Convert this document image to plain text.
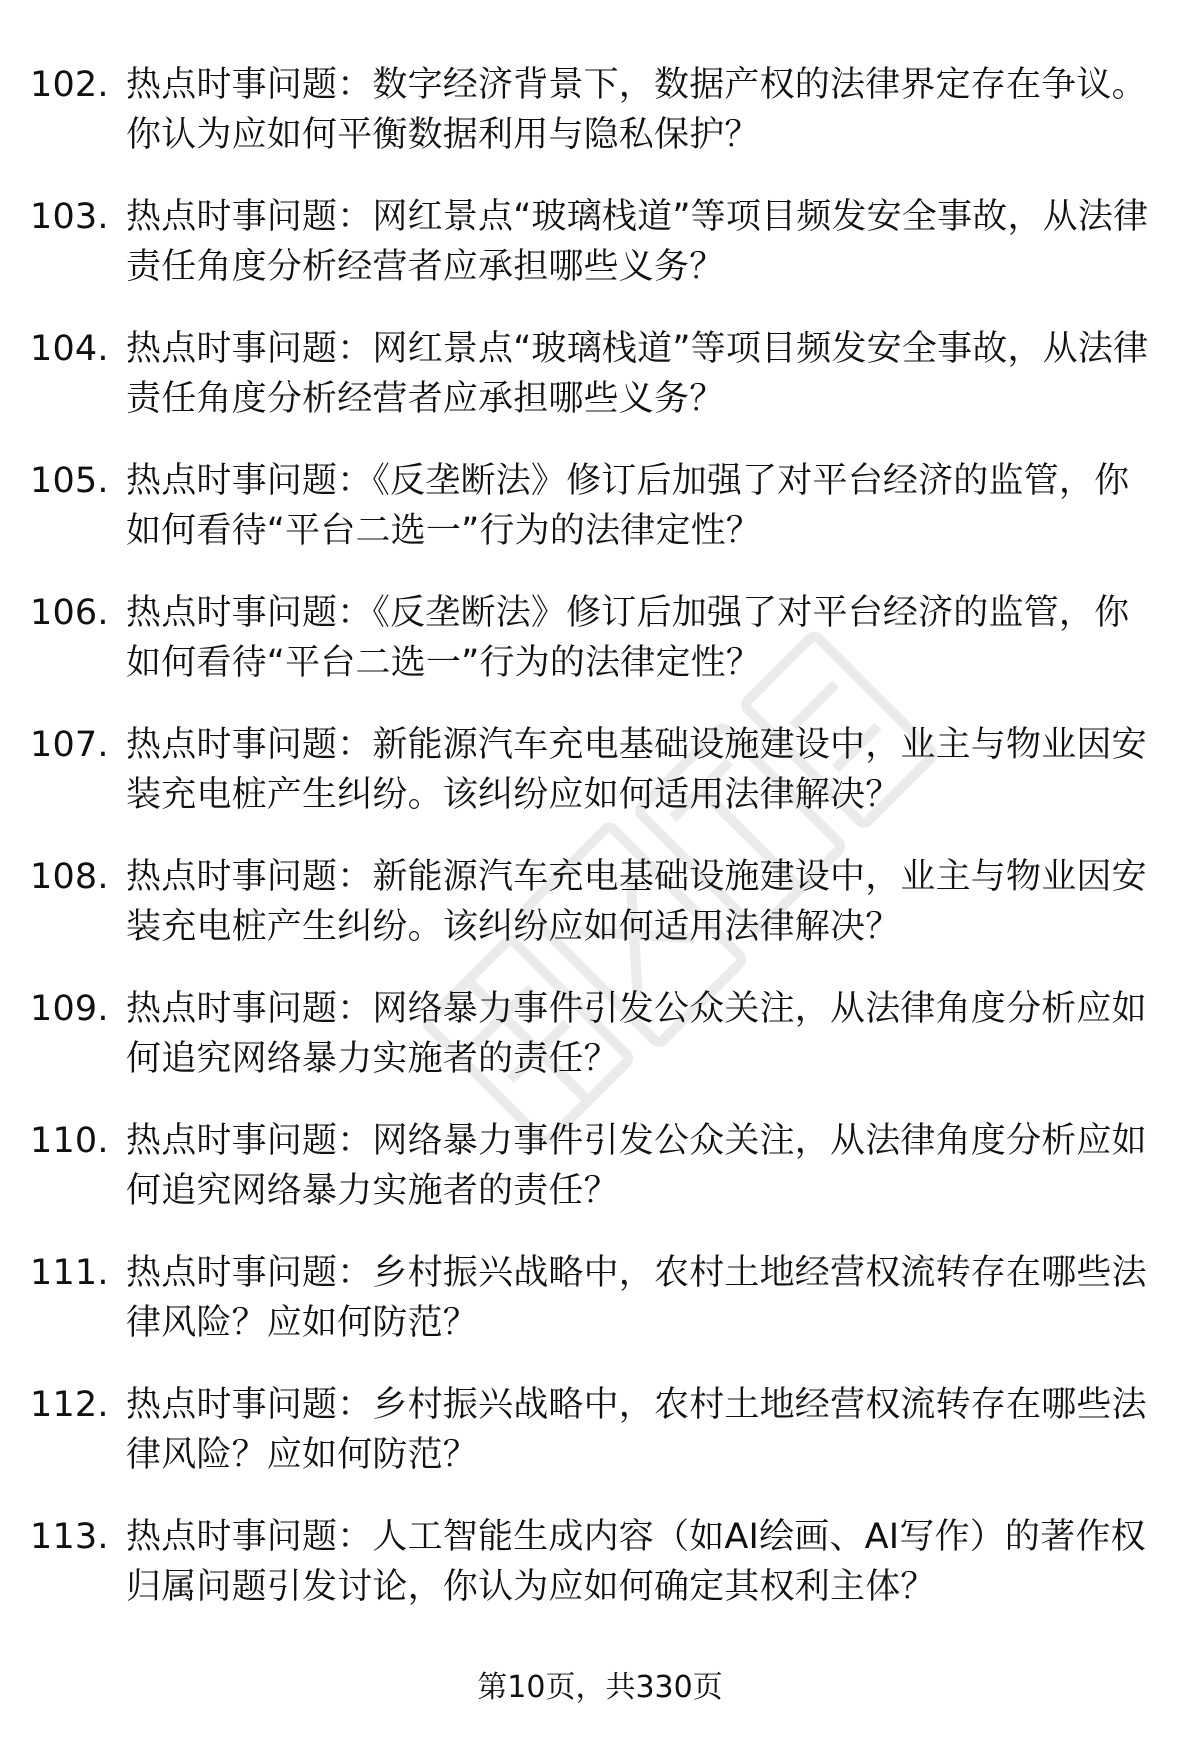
102. 热点时事问题：数字经济背景下，数据产权的法律界定存在争议。你认为应如何平衡数据利用与隐私保护？
103. 热点时事问题：网红景点“玻璃栈道”等项目频发安全事故，从法律责任角度分析经营者应承担哪些义务？
104. 热点时事问题：网红景点“玻璃栈道”等项目频发安全事故，从法律责任角度分析经营者应承担哪些义务？
105. 热点时事问题：《反垄断法》修订后加强了对平台经济的监管，你如何看待“平台二选一”行为的法律定性？
106. 热点时事问题：《反垄断法》修订后加强了对平台经济的监管，你如何看待“平台二选一”行为的法律定性？
107. 热点时事问题：新能源汽车充电基础设施建设中，业主与物业因安装充电桩产生纠纷。该纠纷应如何适用法律解决？
108. 热点时事问题：新能源汽车充电基础设施建设中，业主与物业因安装充电桩产生纠纷。该纠纷应如何适用法律解决？
109. 热点时事问题：网络暴力事件引发公众关注，从法律角度分析应如何追究网络暴力实施者的责任？
110. 热点时事问题：网络暴力事件引发公众关注，从法律角度分析应如何追究网络暴力实施者的责任？
111. 热点时事问题：乡村振兴战略中，农村土地经营权流转存在哪些法律风险？应如何防范？
112. 热点时事问题：乡村振兴战略中，农村土地经营权流转存在哪些法律风险？应如何防范？
113. 热点时事问题：人工智能生成内容（如AI绘画、AI写作）的著作权归属问题引发讨论，你认为应如何确定其权利主体？
第10页，共330页
